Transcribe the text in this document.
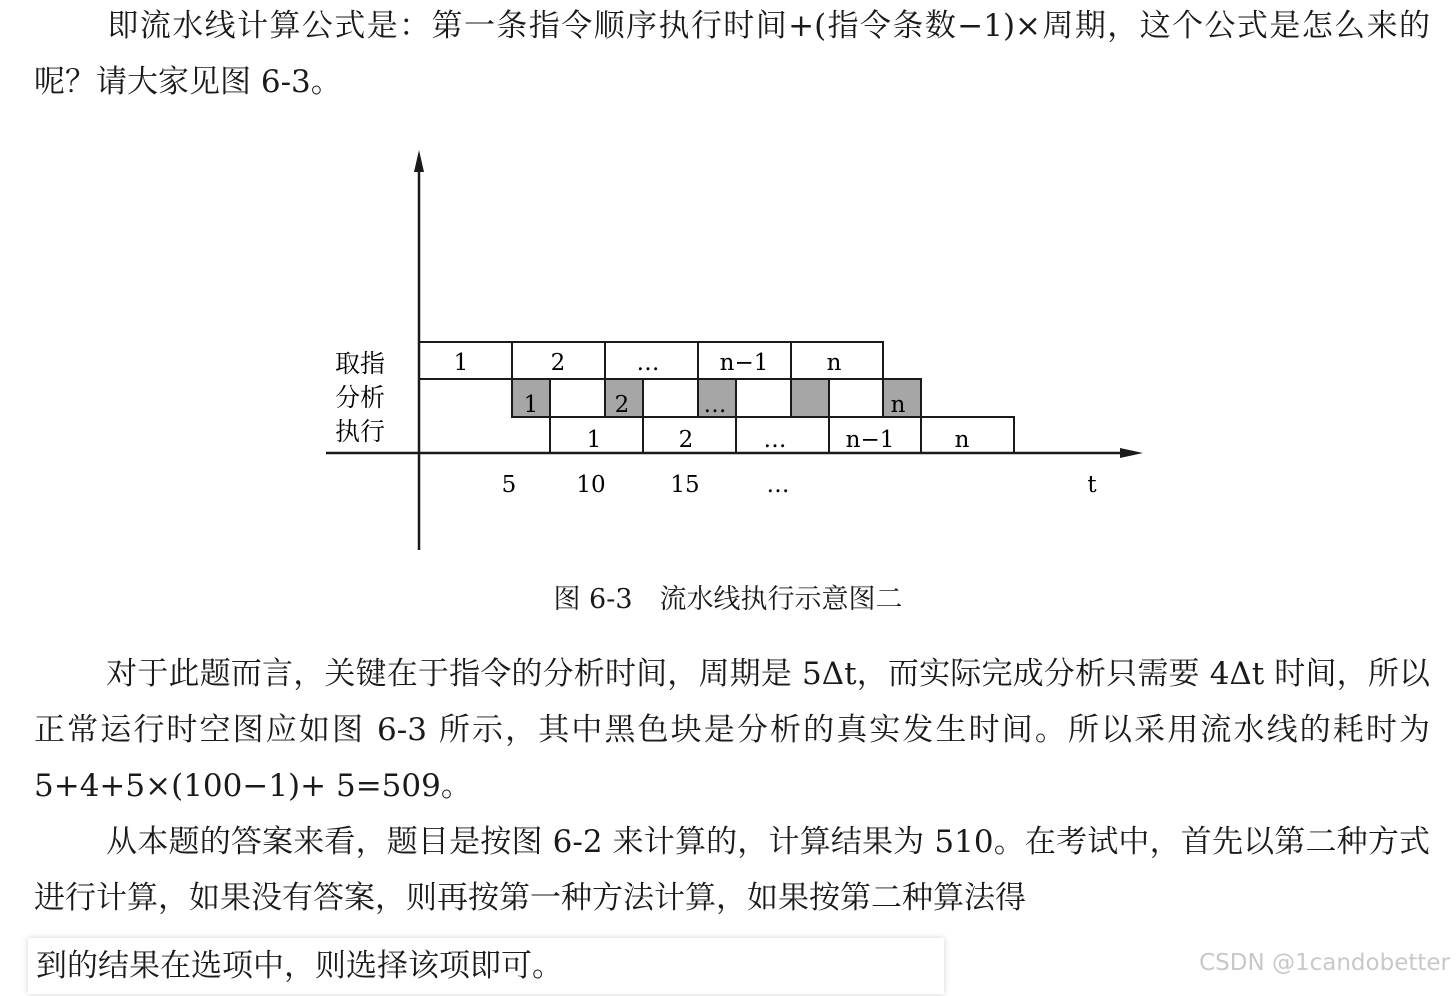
即流水线计算公式是：第一条指令顺序执行时间+(指令条数−1)×周期，这个公式是怎么来的呢？请大家见图 6-3。

取指
分析
执行
1	2	…	n−1	n
1	2	…	n
1	2	…	n−1	n
5	10	15	…	t
图 6-3　流水线执行示意图二

对于此题而言，关键在于指令的分析时间，周期是 5Δt，而实际完成分析只需要 4Δt 时间，所以正常运行时空图应如图 6-3 所示，其中黑色块是分析的真实发生时间。所以采用流水线的耗时为 5+4+5×(100−1)+ 5=509。

从本题的答案来看，题目是按图 6-2 来计算的，计算结果为 510。在考试中，首先以第二种方式进行计算，如果没有答案，则再按第一种方法计算，如果按第二种算法得

到的结果在选项中，则选择该项即可。	CSDN @1candobetter
